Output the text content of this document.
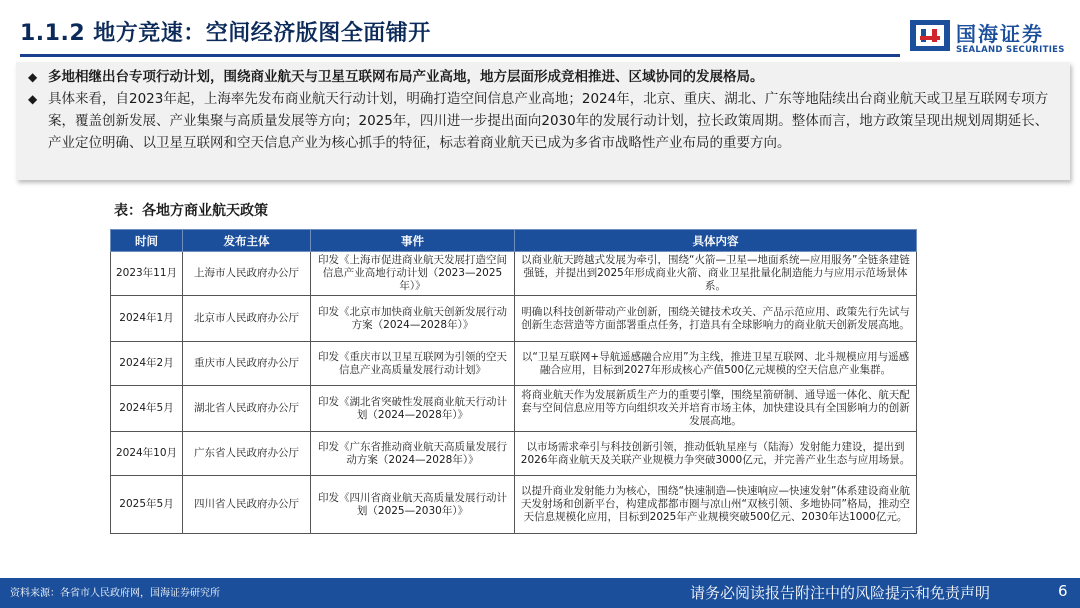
1.1.2 地方竞速：空间经济版图全面铺开	国海证券
SEALAND SECURITIES
◆ 多地相继出台专项行动计划，围绕商业航天与卫星互联网布局产业高地，地方层面形成竞相推进、区域协同的发展格局。
◆ 具体来看，自2023年起，上海率先发布商业航天行动计划，明确打造空间信息产业高地；2024年，北京、重庆、湖北、广东等地陆续出台商业航天或卫星互联网专项方案，覆盖创新发展、产业集聚与高质量发展等方向；2025年，四川进一步提出面向2030年的发展行动计划，拉长政策周期。整体而言，地方政策呈现出规划周期延长、产业定位明确、以卫星互联网和空天信息产业为核心抓手的特征，标志着商业航天已成为多省市战略性产业布局的重要方向。
表：各地方商业航天政策
时间	发布主体	事件	具体内容
2023年11月	上海市人民政府办公厅	印发《上海市促进商业航天发展打造空间信息产业高地行动计划（2023—2025年）》	以商业航天跨越式发展为牵引，围绕“火箭—卫星—地面系统—应用服务”全链条建链强链，并提出到2025年形成商业火箭、商业卫星批量化制造能力与应用示范场景体系。
2024年1月	北京市人民政府办公厅	印发《北京市加快商业航天创新发展行动方案（2024—2028年）》	明确以科技创新带动产业创新，围绕关键技术攻关、产品示范应用、政策先行先试与创新生态营造等方面部署重点任务，打造具有全球影响力的商业航天创新发展高地。
2024年2月	重庆市人民政府办公厅	印发《重庆市以卫星互联网为引领的空天信息产业高质量发展行动计划》	以“卫星互联网+导航遥感融合应用”为主线，推进卫星互联网、北斗规模应用与遥感融合应用，目标到2027年形成核心产值500亿元规模的空天信息产业集群。
2024年5月	湖北省人民政府办公厅	印发《湖北省突破性发展商业航天行动计划（2024—2028年）》	将商业航天作为发展新质生产力的重要引擎，围绕星箭研制、通导遥一体化、航天配套与空间信息应用等方向组织攻关并培育市场主体，加快建设具有全国影响力的创新发展高地。
2024年10月	广东省人民政府办公厅	印发《广东省推动商业航天高质量发展行动方案（2024—2028年）》	以市场需求牵引与科技创新引领，推动低轨星座与（陆海）发射能力建设，提出到2026年商业航天及关联产业规模力争突破3000亿元，并完善产业生态与应用场景。
2025年5月	四川省人民政府办公厅	印发《四川省商业航天高质量发展行动计划（2025—2030年）》	以提升商业发射能力为核心，围绕“快速制造—快速响应—快速发射”体系建设商业航天发射场和创新平台，构建成都都市圈与凉山州“双核引领、多地协同”格局，推动空天信息规模化应用，目标到2025年产业规模突破500亿元、2030年达1000亿元。
资料来源：各省市人民政府网，国海证券研究所	请务必阅读报告附注中的风险提示和免责声明	6
